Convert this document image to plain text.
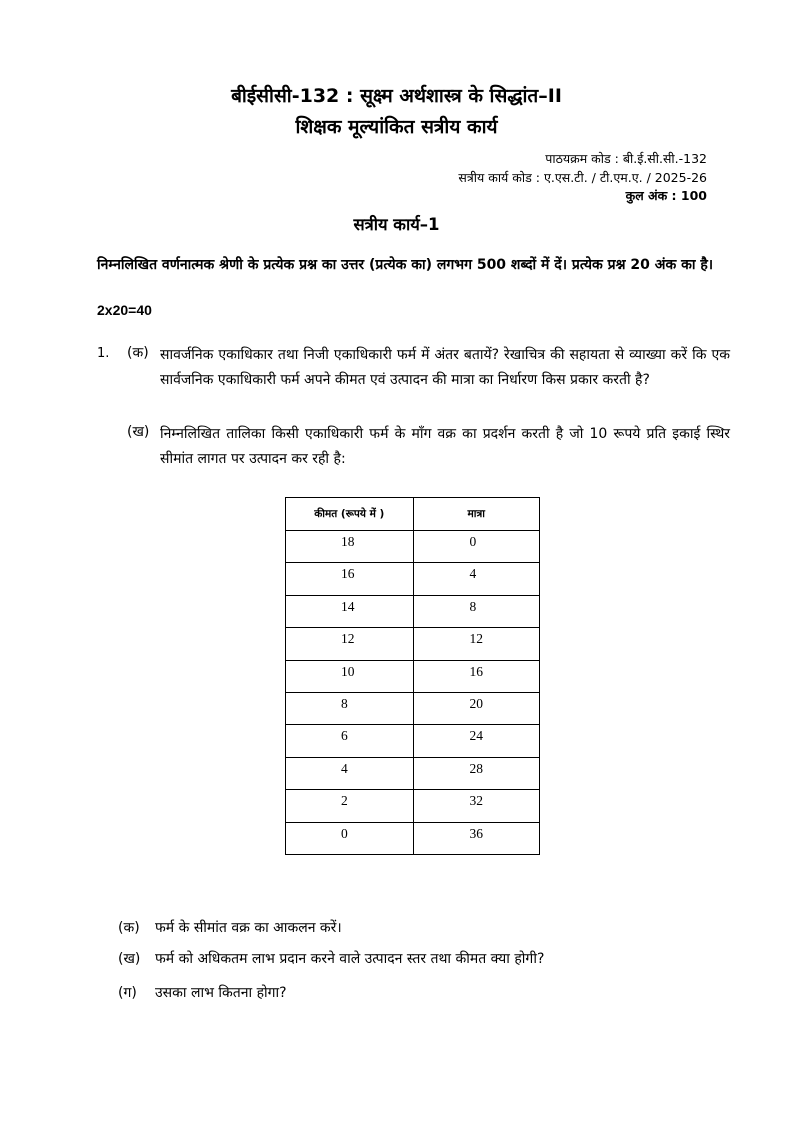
बीईसीसी-132 : सूक्ष्म अर्थशास्त्र के सिद्धांत–II
शिक्षक मूल्यांकित सत्रीय कार्य
पाठयक्रम कोड : बी.ई.सी.सी.-132
सत्रीय कार्य कोड : ए.एस.टी. / टी.एम.ए. / 2025-26
कुल अंक : 100
सत्रीय कार्य–1
निम्नलिखित वर्णनात्मक श्रेणी के प्रत्येक प्रश्न का उत्तर (प्रत्येक का) लगभग 500 शब्दों में दें। प्रत्येक प्रश्न 20 अंक का है।
2x20=40
1. (क) सावर्जनिक एकाधिकार तथा निजी एकाधिकारी फर्म में अंतर बतायें? रेखाचित्र की सहायता से व्याख्या करें कि एक सार्वजनिक एकाधिकारी फर्म अपने कीमत एवं उत्पादन की मात्रा का निर्धारण किस प्रकार करती है?
(ख) निम्नलिखित तालिका किसी एकाधिकारी फर्म के मॉंग वक्र का प्रदर्शन करती है जो 10 रूपये प्रति इकाई स्थिर सीमांत लागत पर उत्पादन कर रही है:
कीमत (रूपये में )	मात्रा
18	0
16	4
14	8
12	12
10	16
8	20
6	24
4	28
2	32
0	36
(क) फर्म के सीमांत वक्र का आकलन करें।
(ख) फर्म को अधिकतम लाभ प्रदान करने वाले उत्पादन स्तर तथा कीमत क्या होगी?
(ग) उसका लाभ कितना होगा?
